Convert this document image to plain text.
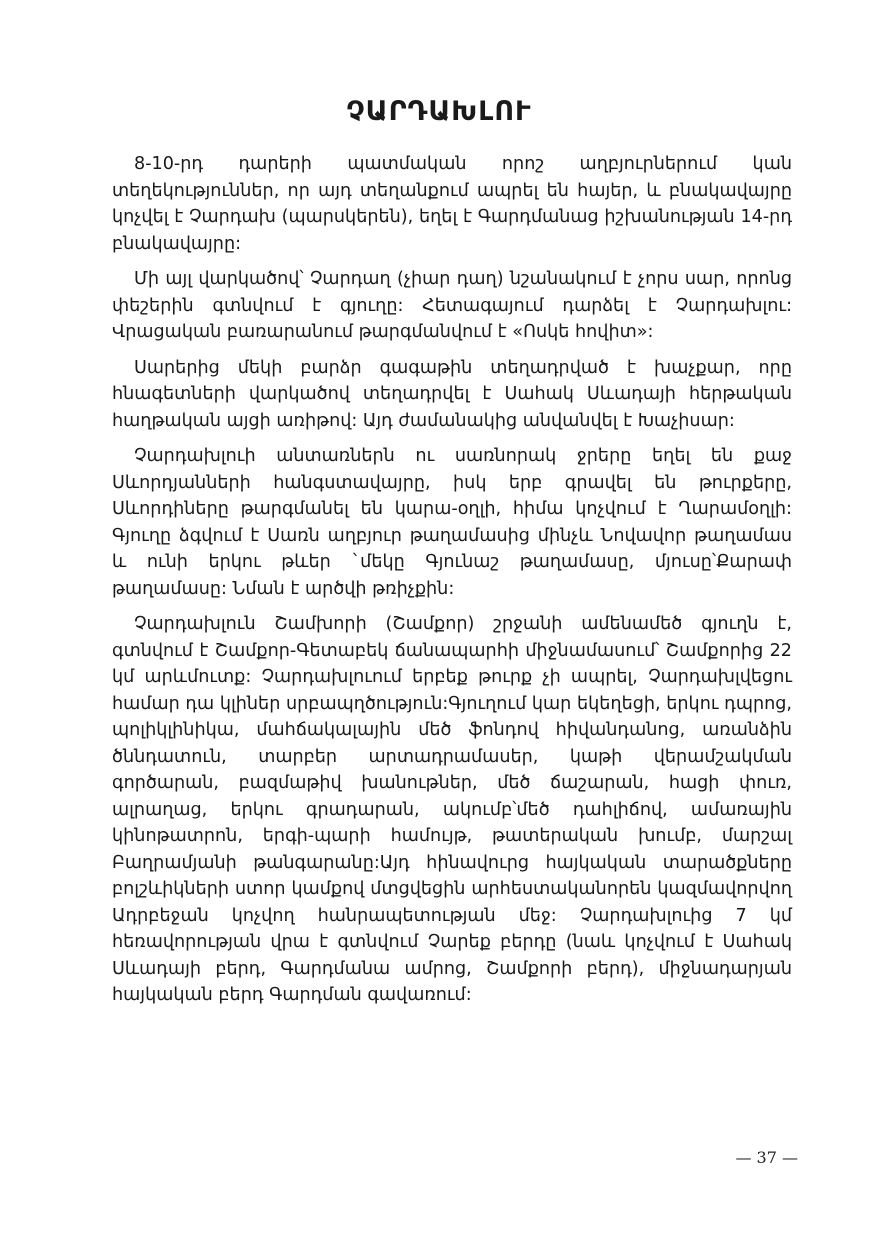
ՉԱՐԴԱԽԼՈՒ

8-10-րդ դարերի պատմական որոշ աղբյուրներում կան տեղեկություններ, որ այդ տեղանքում ապրել են հայեր, և բնակավայրը կոչվել է Չարդախ (պարսկերեն), եղել է Գարդմանաց իշխանության 14-րդ բնակավայրը:

Մի այլ վարկածով՝ Չարդաղ (չիար դաղ) նշանակում է չորս սար, որոնց փեշերին գտնվում է գյուղը: Հետագայում դարձել է Չարդախլու: Վրացական բառարանում թարգմանվում է «Ոսկե հովիտ»:

Սարերից մեկի բարձր գագաթին տեղադրված է խաչքար, որը հնագետների վարկածով տեղադրվել է Սահակ Սևադայի հերթական հաղթական այցի առիթով: Այդ ժամանակից անվանվել է Խաչիսար:

Չարդախլուի անտառներն ու սառնորակ ջրերը եղել են քաջ Սևորդյանների հանգստավայրը, իսկ երբ գրավել են թուրքերը, Սևորդիները թարգմանել են կարա-օղլի, հիմա կոչվում է Ղարամօղլի: Գյուղը ձգվում է Սառն աղբյուր թաղամասից մինչև Նովավոր թաղամաս և ունի երկու թևեր `մեկը Գյունաշ թաղամասը, մյուսը՝Քարափ թաղամասը: Նման է արծվի թռիչքին:

Չարդախլուն Շամխորի (Շամքոր) շրջանի ամենամեծ գյուղն է, գտնվում է Շամքոր-Գետաբեկ ճանապարհի միջնամասում՝ Շամքորից 22 կմ արևմուտք: Չարդախլուում երբեք թուրք չի ապրել, Չարդախլվեցու համար դա կլիներ սրբապղծություն:Գյուղում կար եկեղեցի, երկու դպրոց, պոլիկլինիկա, մահճակալային մեծ ֆոնդով հիվանդանոց, առանձին ծննդատուն, տարբեր արտադրամասեր, կաթի վերամշակման գործարան, բազմաթիվ խանութներ, մեծ ճաշարան, հացի փուռ, ալրաղաց, երկու գրադարան, ակումբ՝մեծ դահլիճով, ամառային կինոթատրոն, երգի-պարի համույթ, թատերական խումբ, մարշալ Բաղրամյանի թանգարանը:Այդ հինավուրց հայկական տարածքները բոլշևիկների ստոր կամքով մտցվեցին արհեստականորեն կազմավորվող Ադրբեջան կոչվող հանրապետության մեջ: Չարդախլուից 7 կմ հեռավորության վրա է գտնվում Չարեք բերդը (նաև կոչվում է Սահակ Սևադայի բերդ, Գարդմանա ամրոց, Շամքորի բերդ), միջնադարյան հայկական բերդ Գարդման գավառում:

— 37 —
